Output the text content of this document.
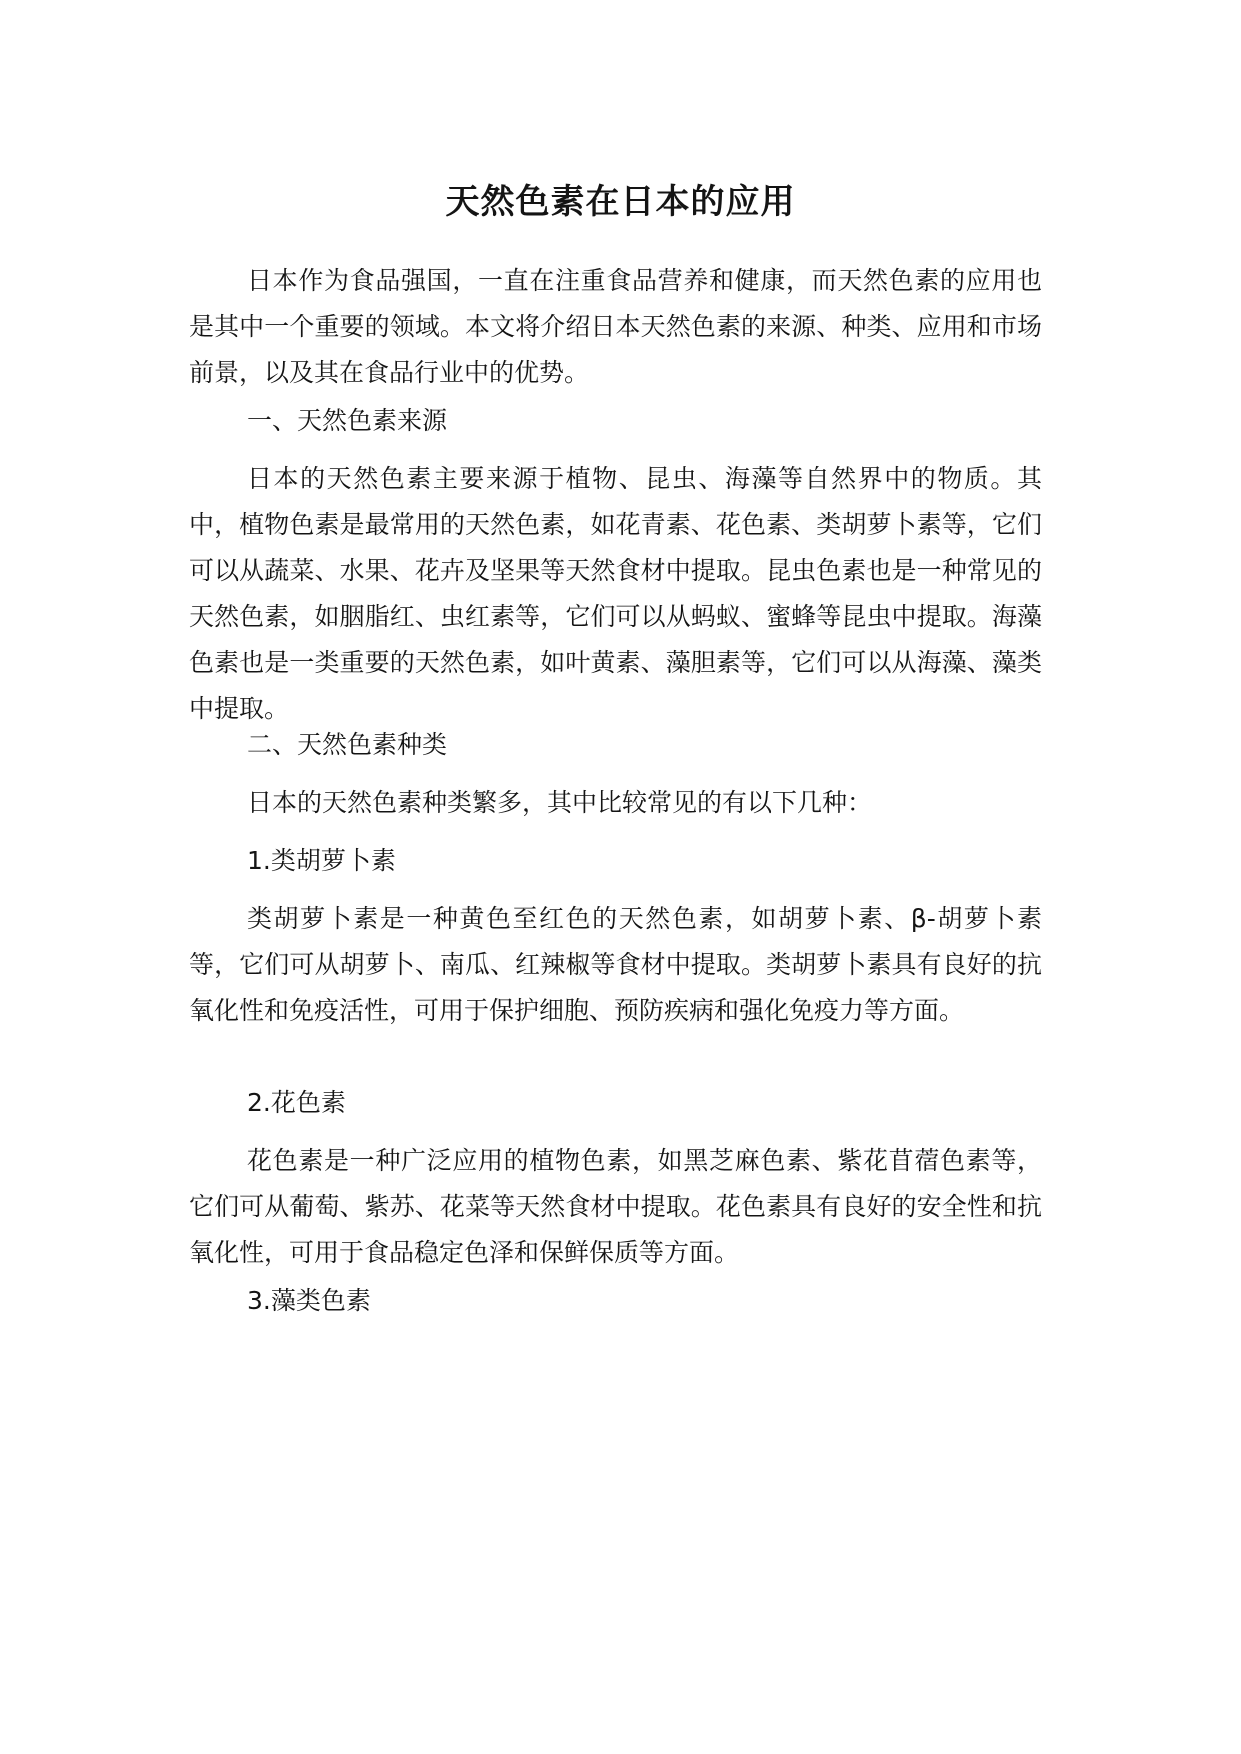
天然色素在日本的应用

日本作为食品强国，一直在注重食品营养和健康，而天然色素的应用也是其中一个重要的领域。本文将介绍日本天然色素的来源、种类、应用和市场前景，以及其在食品行业中的优势。

一、天然色素来源

日本的天然色素主要来源于植物、昆虫、海藻等自然界中的物质。其中，植物色素是最常用的天然色素，如花青素、花色素、类胡萝卜素等，它们可以从蔬菜、水果、花卉及坚果等天然食材中提取。昆虫色素也是一种常见的天然色素，如胭脂红、虫红素等，它们可以从蚂蚁、蜜蜂等昆虫中提取。海藻色素也是一类重要的天然色素，如叶黄素、藻胆素等，它们可以从海藻、藻类中提取。

二、天然色素种类

日本的天然色素种类繁多，其中比较常见的有以下几种：

1.类胡萝卜素

类胡萝卜素是一种黄色至红色的天然色素，如胡萝卜素、β-胡萝卜素等，它们可从胡萝卜、南瓜、红辣椒等食材中提取。类胡萝卜素具有良好的抗氧化性和免疫活性，可用于保护细胞、预防疾病和强化免疫力等方面。

2.花色素

花色素是一种广泛应用的植物色素，如黑芝麻色素、紫花苜蓿色素等，它们可从葡萄、紫苏、花菜等天然食材中提取。花色素具有良好的安全性和抗氧化性，可用于食品稳定色泽和保鲜保质等方面。

3.藻类色素
